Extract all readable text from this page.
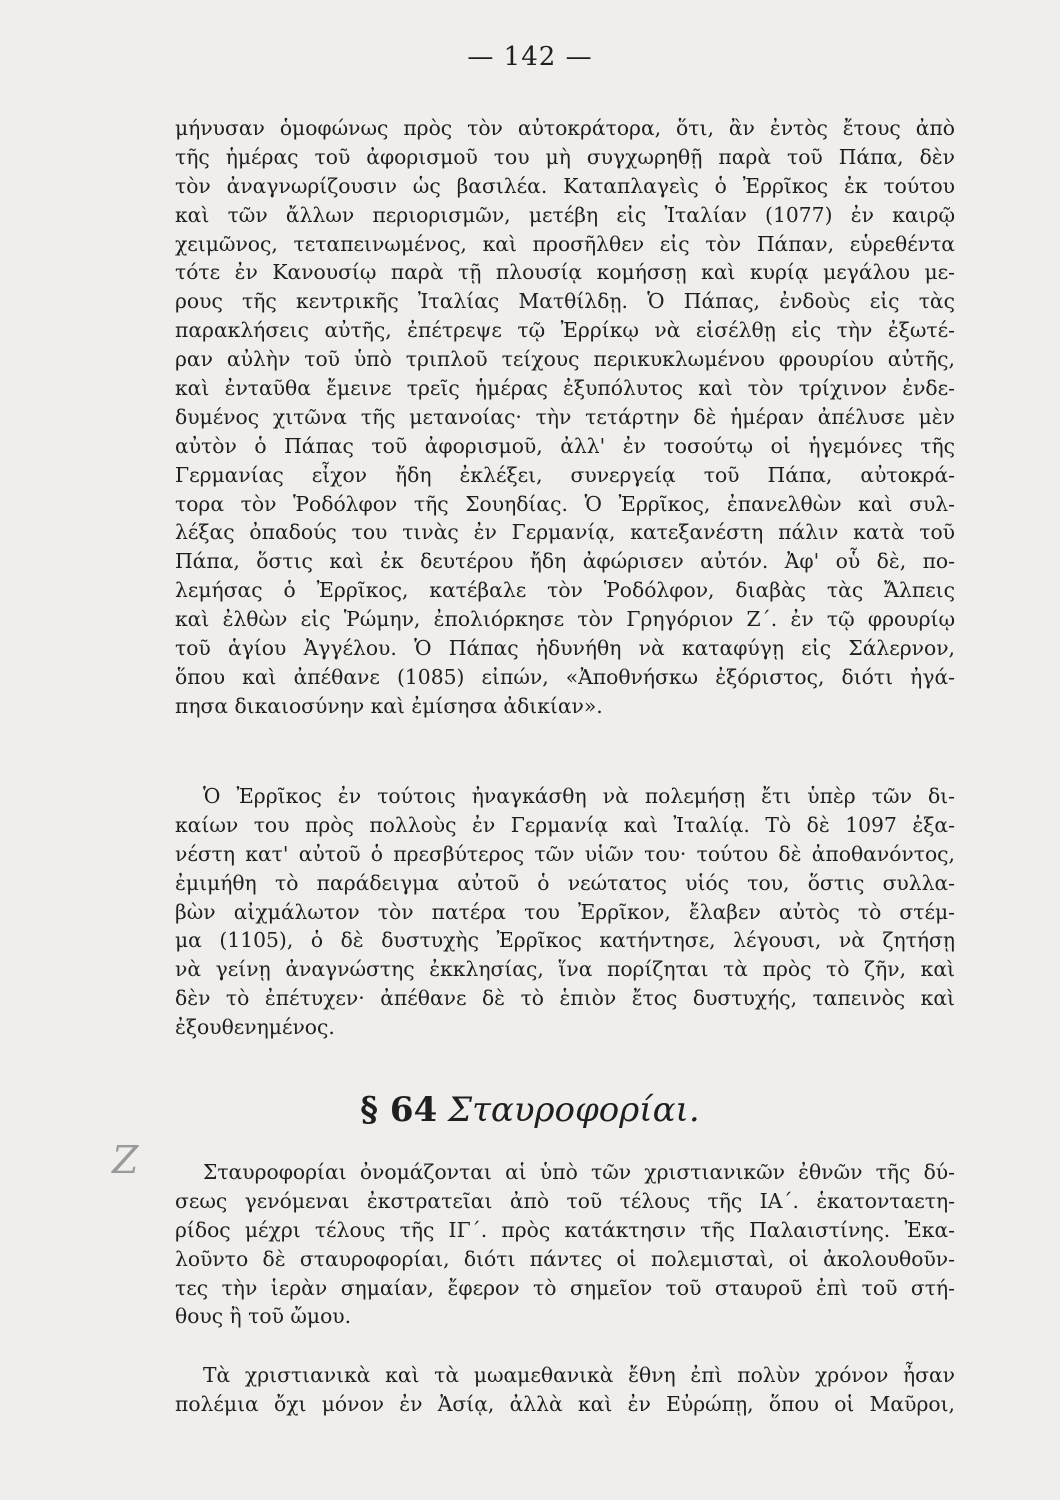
— 142 —
μήνυσαν ὁμοφώνως πρὸς τὸν αὐτοκράτορα, ὅτι, ἂν ἐντὸς ἔτους ἀπὸ
τῆς ἡμέρας τοῦ ἀφορισμοῦ του μὴ συγχωρηθῇ παρὰ τοῦ Πάπα, δὲν
τὸν ἀναγνωρίζουσιν ὡς βασιλέα. Καταπλαγεὶς ὁ Ἐρρῖκος ἐκ τούτου
καὶ τῶν ἄλλων περιορισμῶν, μετέβη εἰς Ἰταλίαν (1077) ἐν καιρῷ
χειμῶνος, τεταπεινωμένος, καὶ προσῆλθεν εἰς τὸν Πάπαν, εὑρεθέντα
τότε ἐν Κανουσίῳ παρὰ τῇ πλουσίᾳ κομήσσῃ καὶ κυρίᾳ μεγάλου με-
ρους τῆς κεντρικῆς Ἰταλίας Ματθίλδῃ. Ὁ Πάπας, ἐνδοὺς εἰς τὰς
παρακλήσεις αὐτῆς, ἐπέτρεψε τῷ Ἐρρίκῳ νὰ εἰσέλθῃ εἰς τὴν ἐξωτέ-
ραν αὐλὴν τοῦ ὑπὸ τριπλοῦ τείχους περικυκλωμένου φρουρίου αὐτῆς,
καὶ ἐνταῦθα ἔμεινε τρεῖς ἡμέρας ἐξυπόλυτος καὶ τὸν τρίχινον ἐνδε-
δυμένος χιτῶνα τῆς μετανοίας· τὴν τετάρτην δὲ ἡμέραν ἀπέλυσε μὲν
αὐτὸν ὁ Πάπας τοῦ ἀφορισμοῦ, ἀλλ' ἐν τοσούτῳ οἱ ἡγεμόνες τῆς
Γερμανίας εἶχον ἤδη ἐκλέξει, συνεργείᾳ τοῦ Πάπα, αὐτοκρά-
τορα τὸν Ῥοδόλφον τῆς Σουηδίας. Ὁ Ἐρρῖκος, ἐπανελθὼν καὶ συλ-
λέξας ὀπαδούς του τινὰς ἐν Γερμανίᾳ, κατεξανέστη πάλιν κατὰ τοῦ
Πάπα, ὅστις καὶ ἐκ δευτέρου ἤδη ἀφώρισεν αὐτόν. Ἀφ' οὗ δὲ, πο-
λεμήσας ὁ Ἐρρῖκος, κατέβαλε τὸν Ῥοδόλφον, διαβὰς τὰς Ἄλπεις
καὶ ἐλθὼν εἰς Ῥώμην, ἐπολιόρκησε τὸν Γρηγόριον Ζ΄. ἐν τῷ φρουρίῳ
τοῦ ἁγίου Ἀγγέλου. Ὁ Πάπας ἠδυνήθη νὰ καταφύγῃ εἰς Σάλερνον,
ὅπου καὶ ἀπέθανε (1085) εἰπών, «Ἀποθνήσκω ἐξόριστος, διότι ἠγά-
πησα δικαιοσύνην καὶ ἐμίσησα ἀδικίαν».
Ὁ Ἐρρῖκος ἐν τούτοις ἠναγκάσθη νὰ πολεμήσῃ ἔτι ὑπὲρ τῶν δι-
καίων του πρὸς πολλοὺς ἐν Γερμανίᾳ καὶ Ἰταλίᾳ. Τὸ δὲ 1097 ἐξα-
νέστη κατ' αὐτοῦ ὁ πρεσβύτερος τῶν υἱῶν του· τούτου δὲ ἀποθανόντος,
ἐμιμήθη τὸ παράδειγμα αὐτοῦ ὁ νεώτατος υἱός του, ὅστις συλλα-
βὼν αἰχμάλωτον τὸν πατέρα του Ἐρρῖκον, ἔλαβεν αὐτὸς τὸ στέμ-
μα (1105), ὁ δὲ δυστυχὴς Ἐρρῖκος κατήντησε, λέγουσι, νὰ ζητήσῃ
νὰ γείνῃ ἀναγνώστης ἐκκλησίας, ἵνα πορίζηται τὰ πρὸς τὸ ζῆν, καὶ
δὲν τὸ ἐπέτυχεν· ἀπέθανε δὲ τὸ ἑπιὸν ἔτος δυστυχής, ταπεινὸς καὶ
ἐξουθενημένος.
§ 64 Σταυροφορίαι.
Ζ	Σταυροφορίαι ὀνομάζονται αἱ ὑπὸ τῶν χριστιανικῶν ἐθνῶν τῆς δύ-
σεως γενόμεναι ἐκστρατεῖαι ἀπὸ τοῦ τέλους τῆς ΙΑ΄. ἑκατονταετη-
ρίδος μέχρι τέλους τῆς ΙΓ΄. πρὸς κατάκτησιν τῆς Παλαιστίνης. Ἐκα-
λοῦντο δὲ σταυροφορίαι, διότι πάντες οἱ πολεμισταὶ, οἱ ἀκολουθοῦν-
τες τὴν ἱερὰν σημαίαν, ἔφερον τὸ σημεῖον τοῦ σταυροῦ ἐπὶ τοῦ στή-
θους ἢ τοῦ ὤμου.
Τὰ χριστιανικὰ καὶ τὰ μωαμεθανικὰ ἔθνη ἐπὶ πολὺν χρόνον ἦσαν
πολέμια ὄχι μόνον ἐν Ἀσίᾳ, ἀλλὰ καὶ ἐν Εὐρώπῃ, ὅπου οἱ Μαῦροι,
